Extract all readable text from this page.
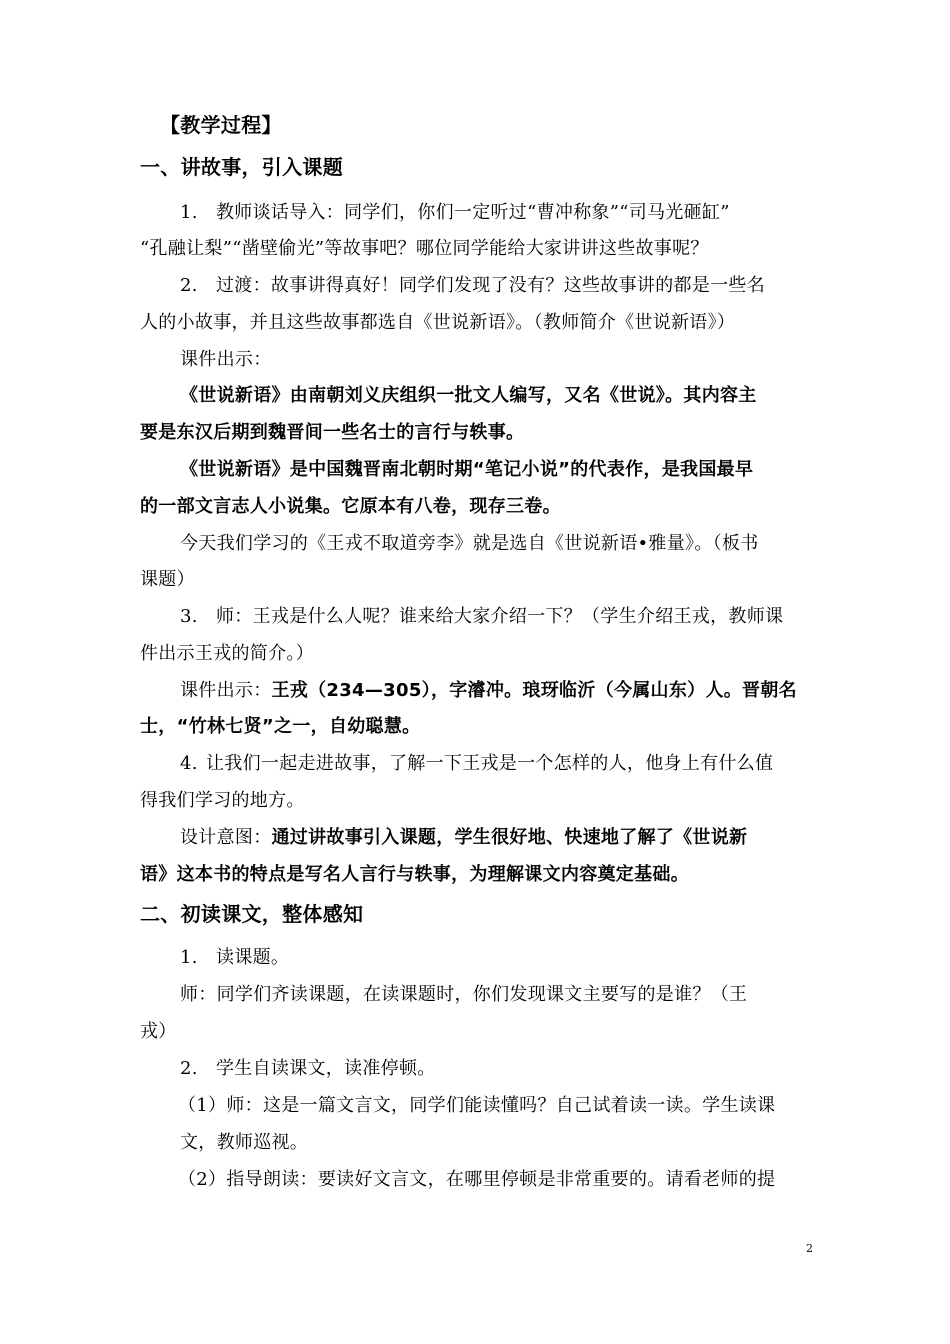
【教学过程】
一、讲故事，引入课题
1. 教师谈话导入：同学们，你们一定听过“曹冲称象”“司马光砸缸”
“孔融让梨”“凿壁偷光”等故事吧？哪位同学能给大家讲讲这些故事呢？
2. 过渡：故事讲得真好！同学们发现了没有？这些故事讲的都是一些名
人的小故事，并且这些故事都选自《世说新语》。（教师简介《世说新语》）
课件出示：
《世说新语》由南朝刘义庆组织一批文人编写，又名《世说》。其内容主
要是东汉后期到魏晋间一些名士的言行与轶事。
《世说新语》是中国魏晋南北朝时期“笔记小说”的代表作，是我国最早
的一部文言志人小说集。它原本有八卷，现存三卷。
今天我们学习的《王戎不取道旁李》就是选自《世说新语•雅量》。（板书
课题）
3. 师：王戎是什么人呢？谁来给大家介绍一下？（学生介绍王戎，教师课
件出示王戎的简介。）
课件出示：王戎（234—305），字濬冲。琅玡临沂（今属山东）人。晋朝名
士，“竹林七贤”之一，自幼聪慧。
4. 让我们一起走进故事，了解一下王戎是一个怎样的人，他身上有什么值
得我们学习的地方。
设计意图：通过讲故事引入课题，学生很好地、快速地了解了《世说新
语》这本书的特点是写名人言行与轶事，为理解课文内容奠定基础。
二、初读课文，整体感知
1. 读课题。
师：同学们齐读课题，在读课题时，你们发现课文主要写的是谁？（王
戎）
2. 学生自读课文，读准停顿。
（1）师：这是一篇文言文，同学们能读懂吗？自己试着读一读。学生读课
文，教师巡视。
（2）指导朗读：要读好文言文，在哪里停顿是非常重要的。请看老师的提
2
